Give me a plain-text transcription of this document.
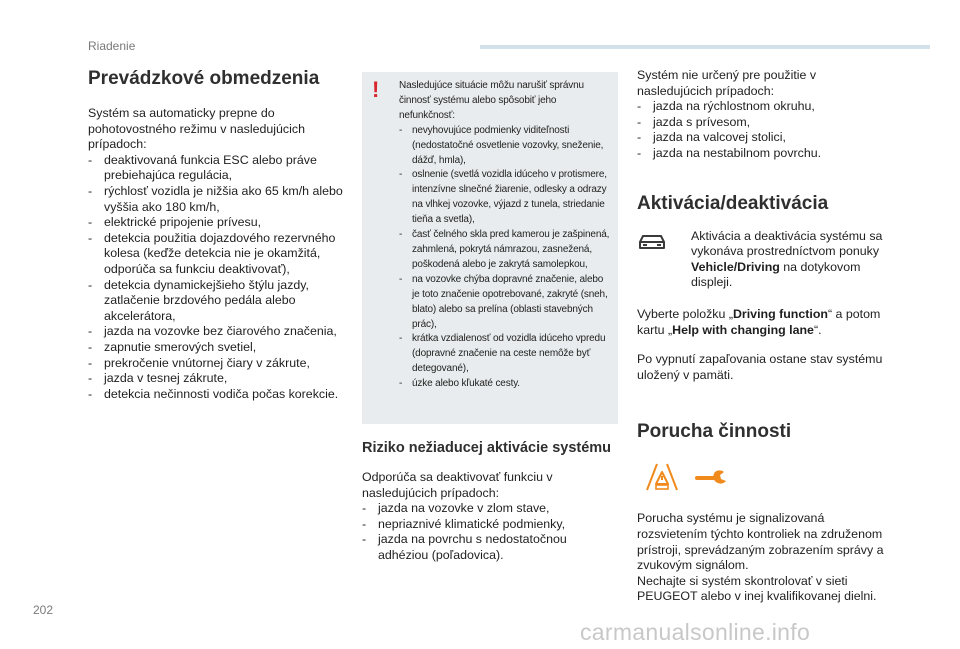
Riadenie
Prevádzkové obmedzenia

Systém sa automaticky prepne do pohotovostného režimu v nasledujúcich prípadoch:

- deaktivovaná funkcia ESC alebo práve prebiehajúca regulácia,
- rýchlosť vozidla je nižšia ako 65 km/h alebo vyššia ako 180 km/h,
- elektrické pripojenie prívesu,
- detekcia použitia dojazdového rezervného kolesa (keďže detekcia nie je okamžitá, odporúča sa funkciu deaktivovať),
- detekcia dynamickejšieho štýlu jazdy, zatlačenie brzdového pedála alebo akcelerátora,
- jazda na vozovke bez čiarového značenia,
- zapnutie smerových svetiel,
- prekročenie vnútornej čiary v zákrute,
- jazda v tesnej zákrute,
- detekcia nečinnosti vodiča počas korekcie.
! Nasledujúce situácie môžu narušiť správnu činnosť systému alebo spôsobiť jeho nefunkčnosť:

- nevyhovujúce podmienky viditeľnosti (nedostatočné osvetlenie vozovky, sneženie, dážď, hmla),
- oslnenie (svetlá vozidla idúceho v protismere, intenzívne slnečné žiarenie, odlesky a odrazy na vlhkej vozovke, výjazd z tunela, striedanie tieňa a svetla),
- časť čelného skla pred kamerou je zašpinená, zahmlená, pokrytá námrazou, zasnežená, poškodená alebo je zakrytá samolepkou,
- na vozovke chýba dopravné značenie, alebo je toto značenie opotrebované, zakryté (sneh, blato) alebo sa prelína (oblasti stavebných prác),
- krátka vzdialenosť od vozidla idúceho vpredu (dopravné značenie na ceste nemôže byť detegované),
- úzke alebo kľukaté cesty.
Riziko nežiaducej aktivácie systému

Odporúča sa deaktivovať funkciu v nasledujúcich prípadoch:

- jazda na vozovke v zlom stave,
- nepriaznivé klimatické podmienky,
- jazda na povrchu s nedostatočnou adhéziou (poľadovica).

Systém nie určený pre použitie v nasledujúcich prípadoch:

- jazda na rýchlostnom okruhu,
- jazda s prívesom,
- jazda na valcovej stolici,
- jazda na nestabilnom povrchu.
Aktivácia/deaktivácia

Aktivácia a deaktivácia systému sa vykonáva prostredníctvom ponuky Vehicle/Driving na dotykovom displeji.

Vyberte položku „Driving function“ a potom kartu „Help with changing lane“.

Po vypnutí zapaľovania ostane stav systému uložený v pamäti.

Porucha činnosti

Porucha systému je signalizovaná rozsvietením týchto kontroliek na združenom prístroji, sprevádzaným zobrazením správy a zvukovým signálom.

Nechajte si systém skontrolovať v sieti PEUGEOT alebo v inej kvalifikovanej dielni.

202
carmanualsonline.info
